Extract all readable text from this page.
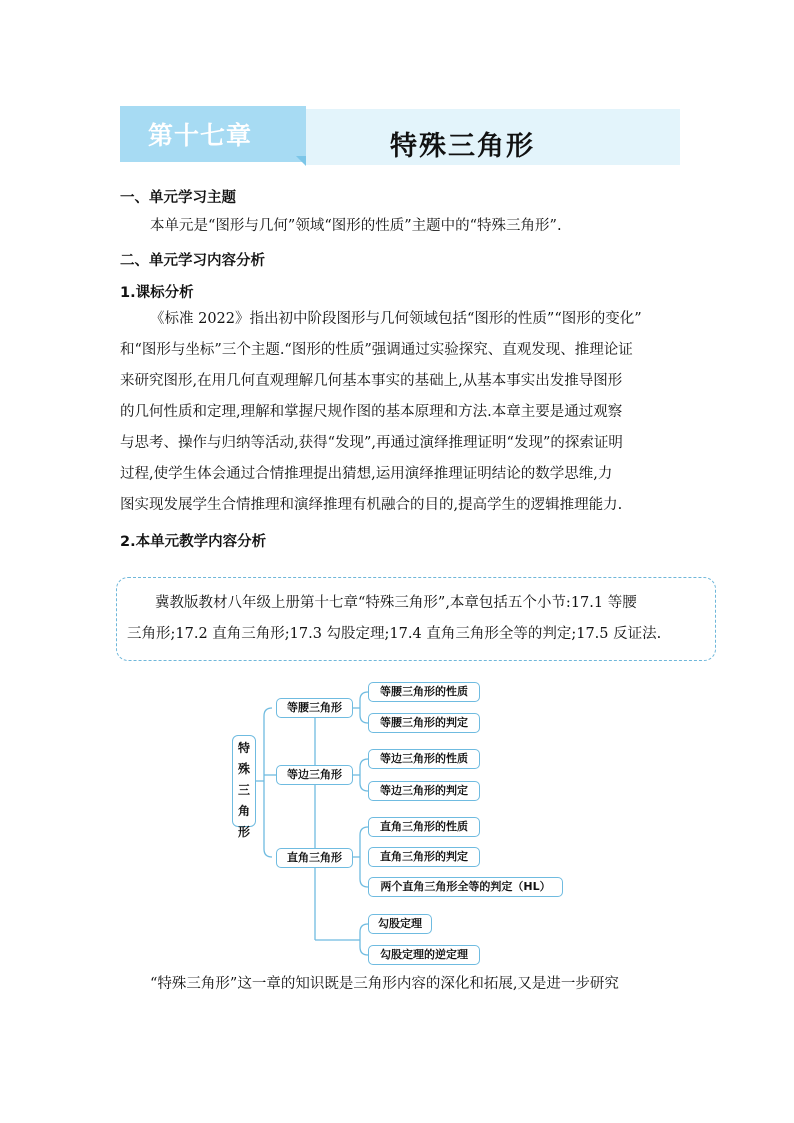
第十七章	特殊三角形
一、单元学习主题
本单元是“图形与几何”领域“图形的性质”主题中的“特殊三角形”.
二、单元学习内容分析
1.课标分析
《标准 2022》指出初中阶段图形与几何领域包括“图形的性质”“图形的变化”
和“图形与坐标”三个主题.“图形的性质”强调通过实验探究、直观发现、推理论证
来研究图形,在用几何直观理解几何基本事实的基础上,从基本事实出发推导图形
的几何性质和定理,理解和掌握尺规作图的基本原理和方法.本章主要是通过观察
与思考、操作与归纳等活动,获得“发现”,再通过演绎推理证明“发现”的探索证明
过程,使学生体会通过合情推理提出猜想,运用演绎推理证明结论的数学思维,力
图实现发展学生合情推理和演绎推理有机融合的目的,提高学生的逻辑推理能力.
2.本单元教学内容分析
冀教版教材八年级上册第十七章“特殊三角形”,本章包括五个小节:17.1 等腰
三角形;17.2 直角三角形;17.3 勾股定理;17.4 直角三角形全等的判定;17.5 反证法.
特
殊
三
角
形
等腰三角形
等边三角形
直角三角形
等腰三角形的性质
等腰三角形的判定
等边三角形的性质
等边三角形的判定
直角三角形的性质
直角三角形的判定
两个直角三角形全等的判定（HL）
勾股定理
勾股定理的逆定理
“特殊三角形”这一章的知识既是三角形内容的深化和拓展,又是进一步研究
